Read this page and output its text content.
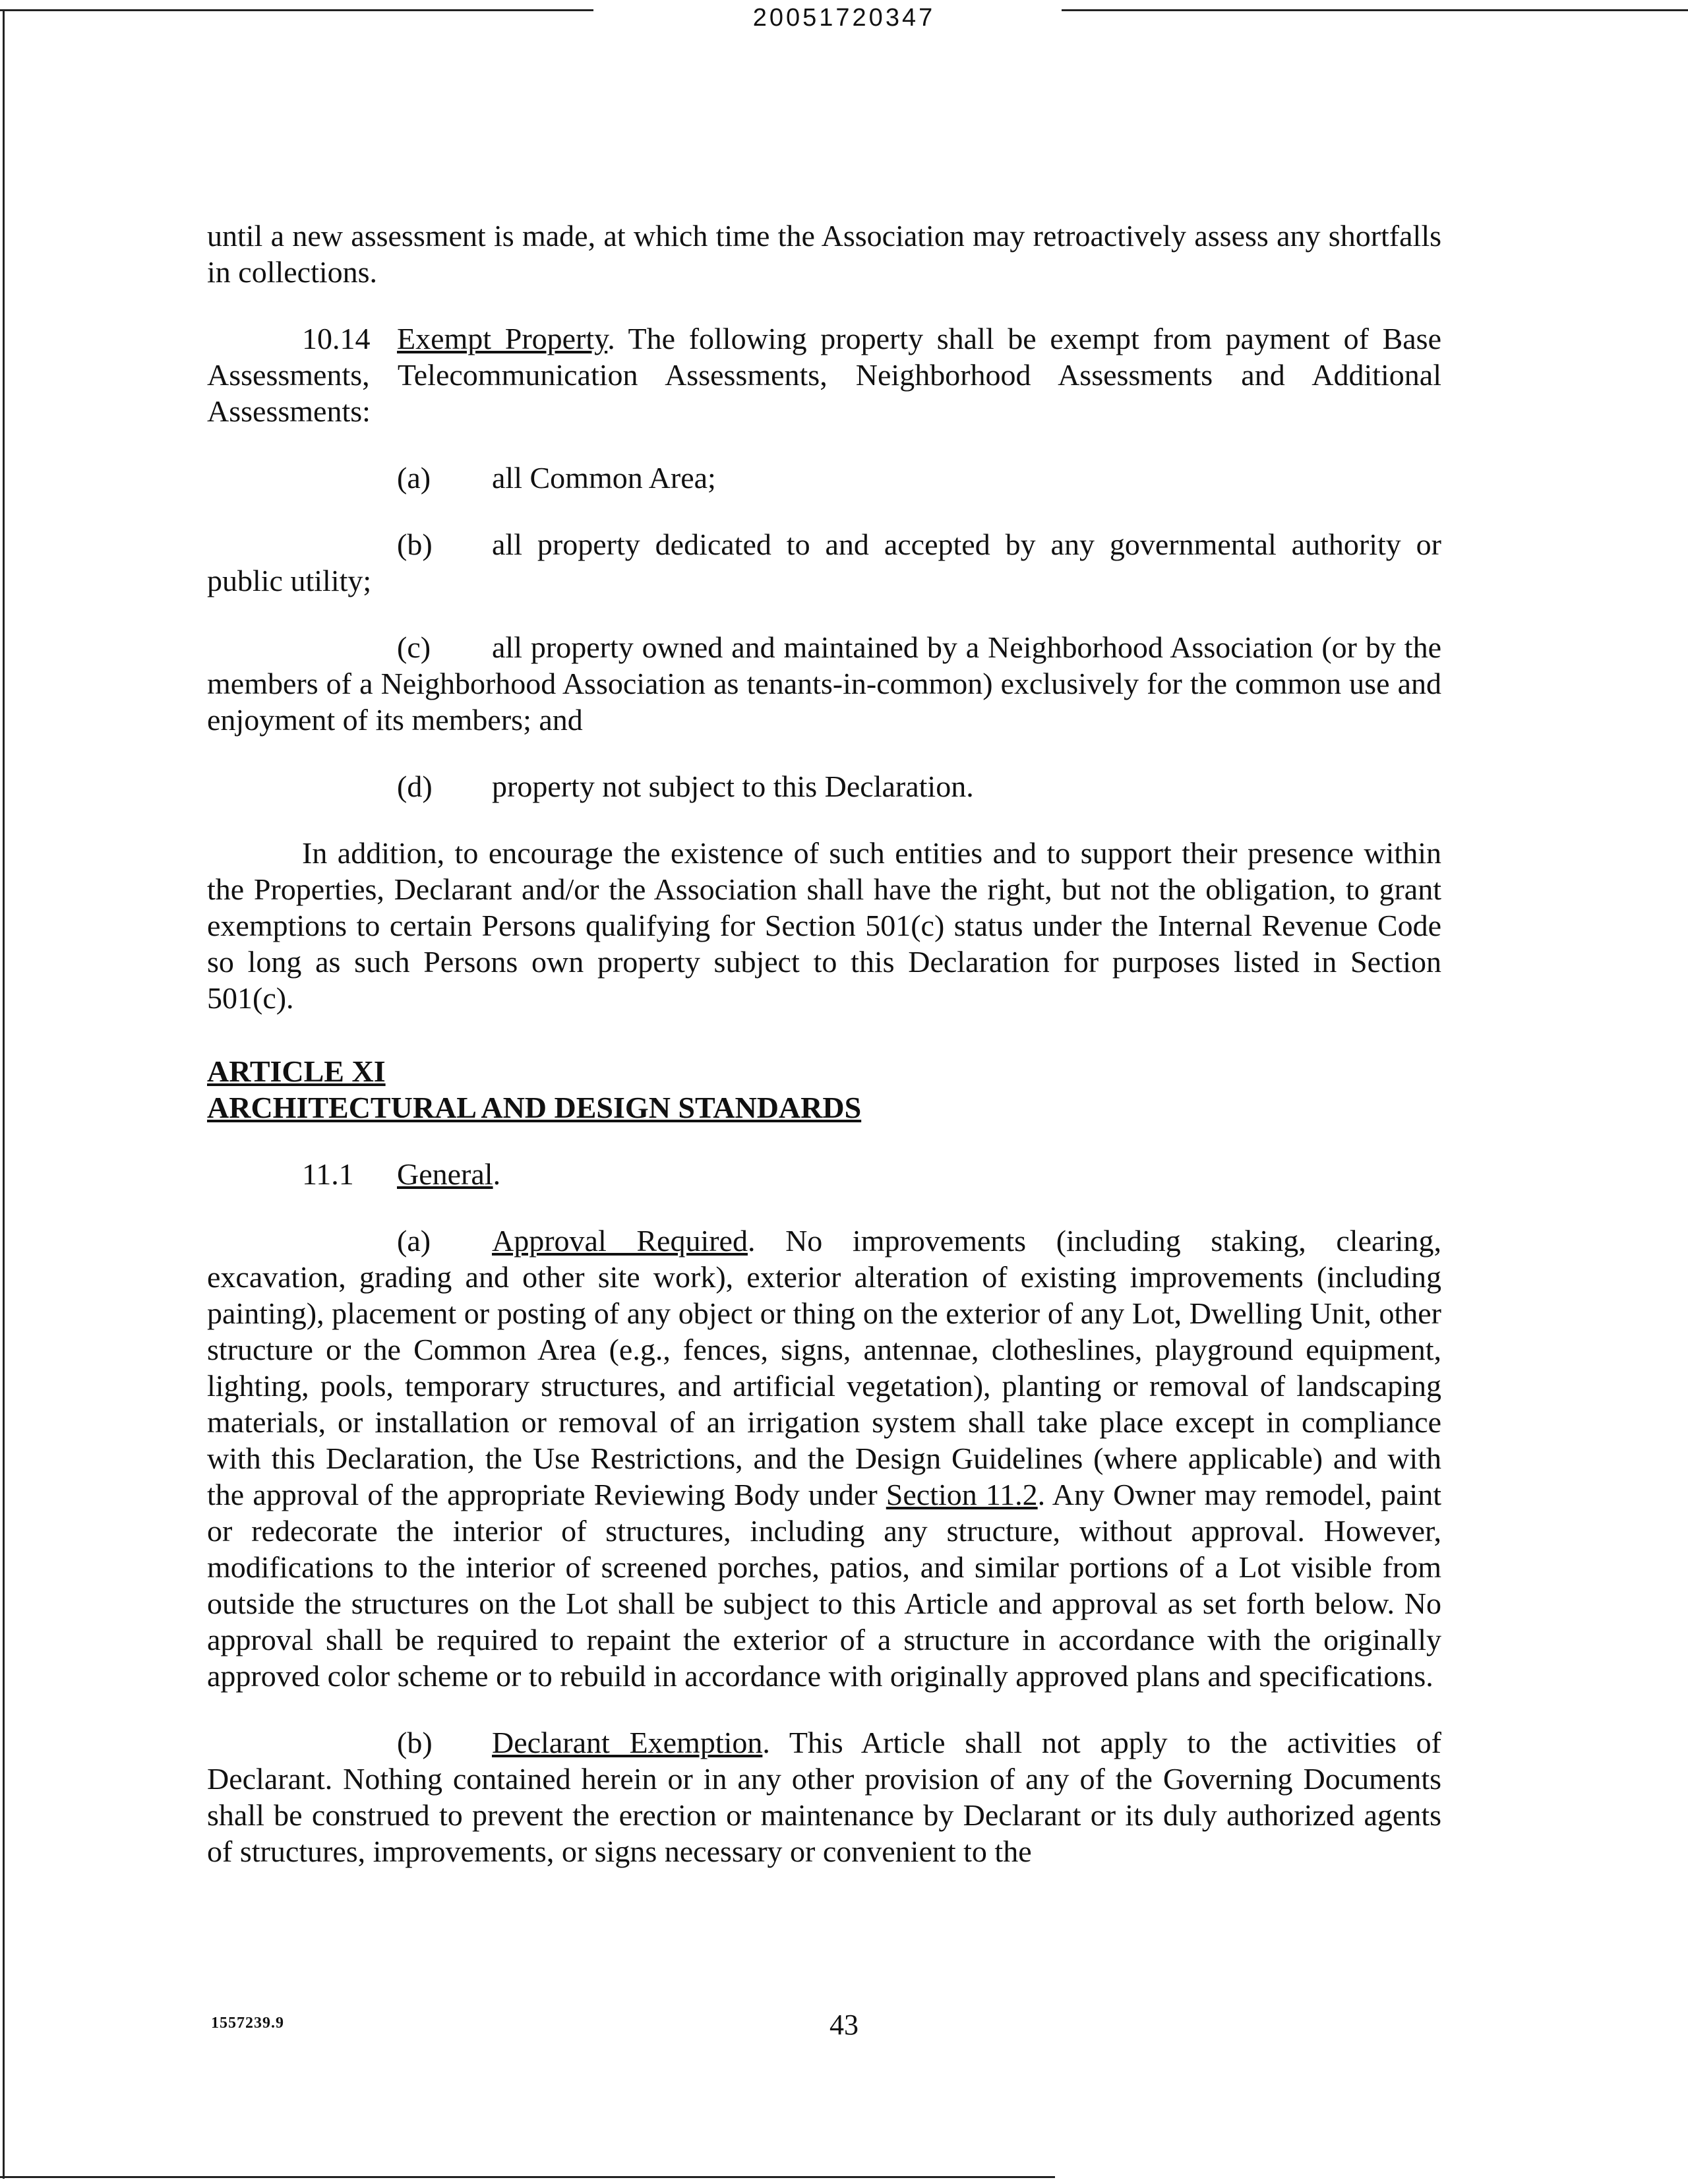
20051720347

until a new assessment is made, at which time the Association may retroactively assess any shortfalls in collections.

10.14 Exempt Property. The following property shall be exempt from payment of Base Assessments, Telecommunication Assessments, Neighborhood Assessments and Additional Assessments:

(a) all Common Area;

(b) all property dedicated to and accepted by any governmental authority or public utility;

(c) all property owned and maintained by a Neighborhood Association (or by the members of a Neighborhood Association as tenants-in-common) exclusively for the common use and enjoyment of its members; and

(d) property not subject to this Declaration.

In addition, to encourage the existence of such entities and to support their presence within the Properties, Declarant and/or the Association shall have the right, but not the obligation, to grant exemptions to certain Persons qualifying for Section 501(c) status under the Internal Revenue Code so long as such Persons own property subject to this Declaration for purposes listed in Section 501(c).

ARTICLE XI

ARCHITECTURAL AND DESIGN STANDARDS

11.1 General.

(a) Approval Required. No improvements (including staking, clearing, excavation, grading and other site work), exterior alteration of existing improvements (including painting), placement or posting of any object or thing on the exterior of any Lot, Dwelling Unit, other structure or the Common Area (e.g., fences, signs, antennae, clotheslines, playground equipment, lighting, pools, temporary structures, and artificial vegetation), planting or removal of landscaping materials, or installation or removal of an irrigation system shall take place except in compliance with this Declaration, the Use Restrictions, and the Design Guidelines (where applicable) and with the approval of the appropriate Reviewing Body under Section 11.2. Any Owner may remodel, paint or redecorate the interior of structures, including any structure, without approval. However, modifications to the interior of screened porches, patios, and similar portions of a Lot visible from outside the structures on the Lot shall be subject to this Article and approval as set forth below. No approval shall be required to repaint the exterior of a structure in accordance with the originally approved color scheme or to rebuild in accordance with originally approved plans and specifications.

(b) Declarant Exemption. This Article shall not apply to the activities of Declarant. Nothing contained herein or in any other provision of any of the Governing Documents shall be construed to prevent the erection or maintenance by Declarant or its duly authorized agents of structures, improvements, or signs necessary or convenient to the

1557239.9	43
